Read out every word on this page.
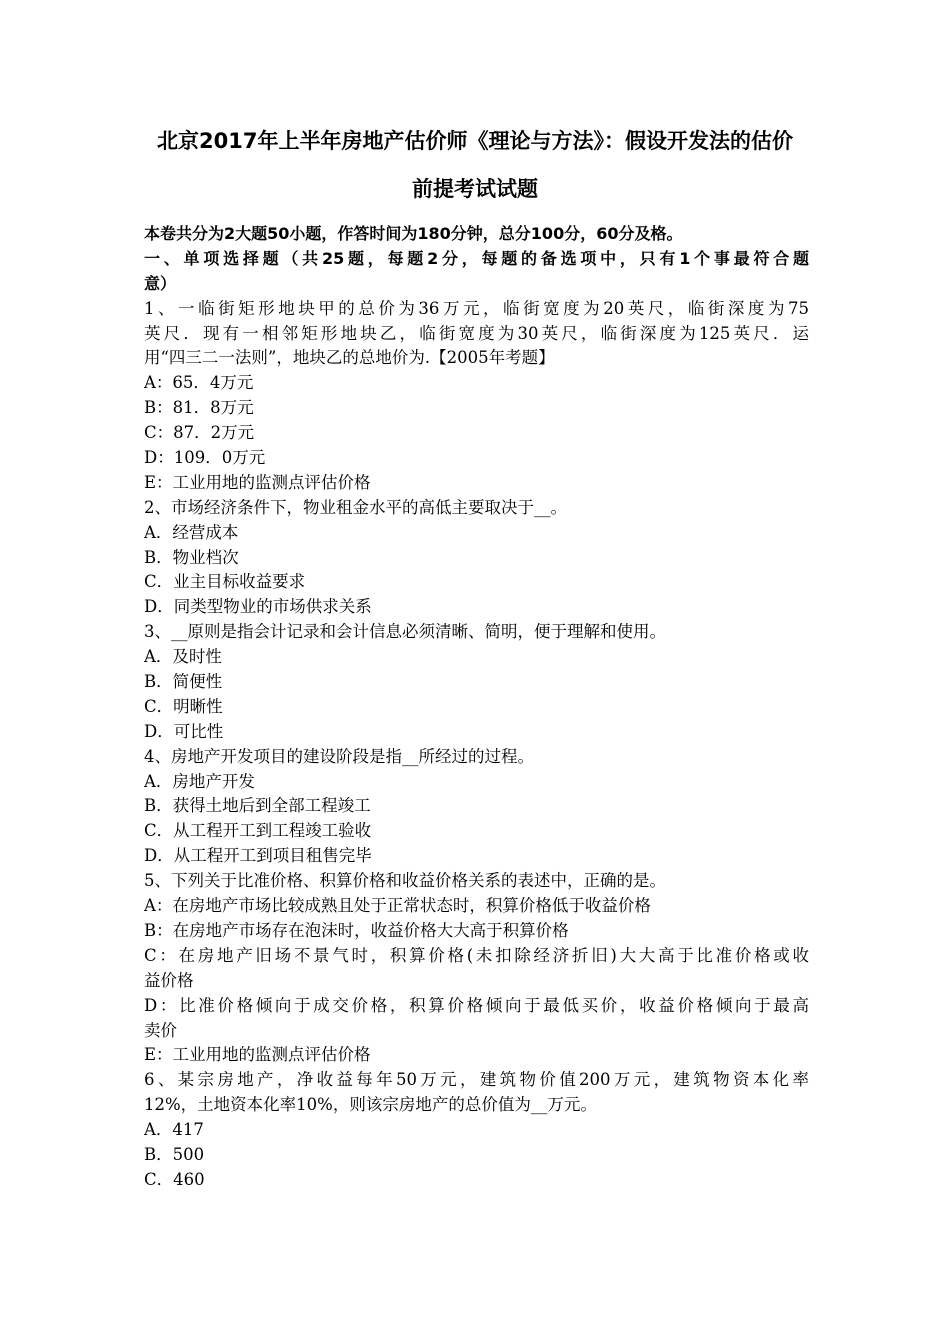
北京2017年上半年房地产估价师《理论与方法》：假设开发法的估价
前提考试试题
本卷共分为2大题50小题，作答时间为180分钟，总分100分，60分及格。
一、单项选择题（共25题，每题2分，每题的备选项中，只有1个事最符合题
意）
1、一临街矩形地块甲的总价为36万元，临街宽度为20英尺，临街深度为75
英尺．现有一相邻矩形地块乙，临街宽度为30英尺，临街深度为125英尺．运
用“四三二一法则”，地块乙的总地价为.【2005年考题】
A：65．4万元
B：81．8万元
C：87．2万元
D：109．0万元
E：工业用地的监测点评估价格
2、市场经济条件下，物业租金水平的高低主要取决于__。
A．经营成本
B．物业档次
C．业主目标收益要求
D．同类型物业的市场供求关系
3、__原则是指会计记录和会计信息必须清晰、简明，便于理解和使用。
A．及时性
B．简便性
C．明晰性
D．可比性
4、房地产开发项目的建设阶段是指__所经过的过程。
A．房地产开发
B．获得土地后到全部工程竣工
C．从工程开工到工程竣工验收
D．从工程开工到项目租售完毕
5、下列关于比准价格、积算价格和收益价格关系的表述中，正确的是。
A：在房地产市场比较成熟且处于正常状态时，积算价格低于收益价格
B：在房地产市场存在泡沫时，收益价格大大高于积算价格
C：在房地产旧场不景气时，积算价格(未扣除经济折旧)大大高于比准价格或收
益价格
D：比准价格倾向于成交价格，积算价格倾向于最低买价，收益价格倾向于最高
卖价
E：工业用地的监测点评估价格
6、某宗房地产，净收益每年50万元，建筑物价值200万元，建筑物资本化率
12%，土地资本化率10%，则该宗房地产的总价值为__万元。
A．417
B．500
C．460
